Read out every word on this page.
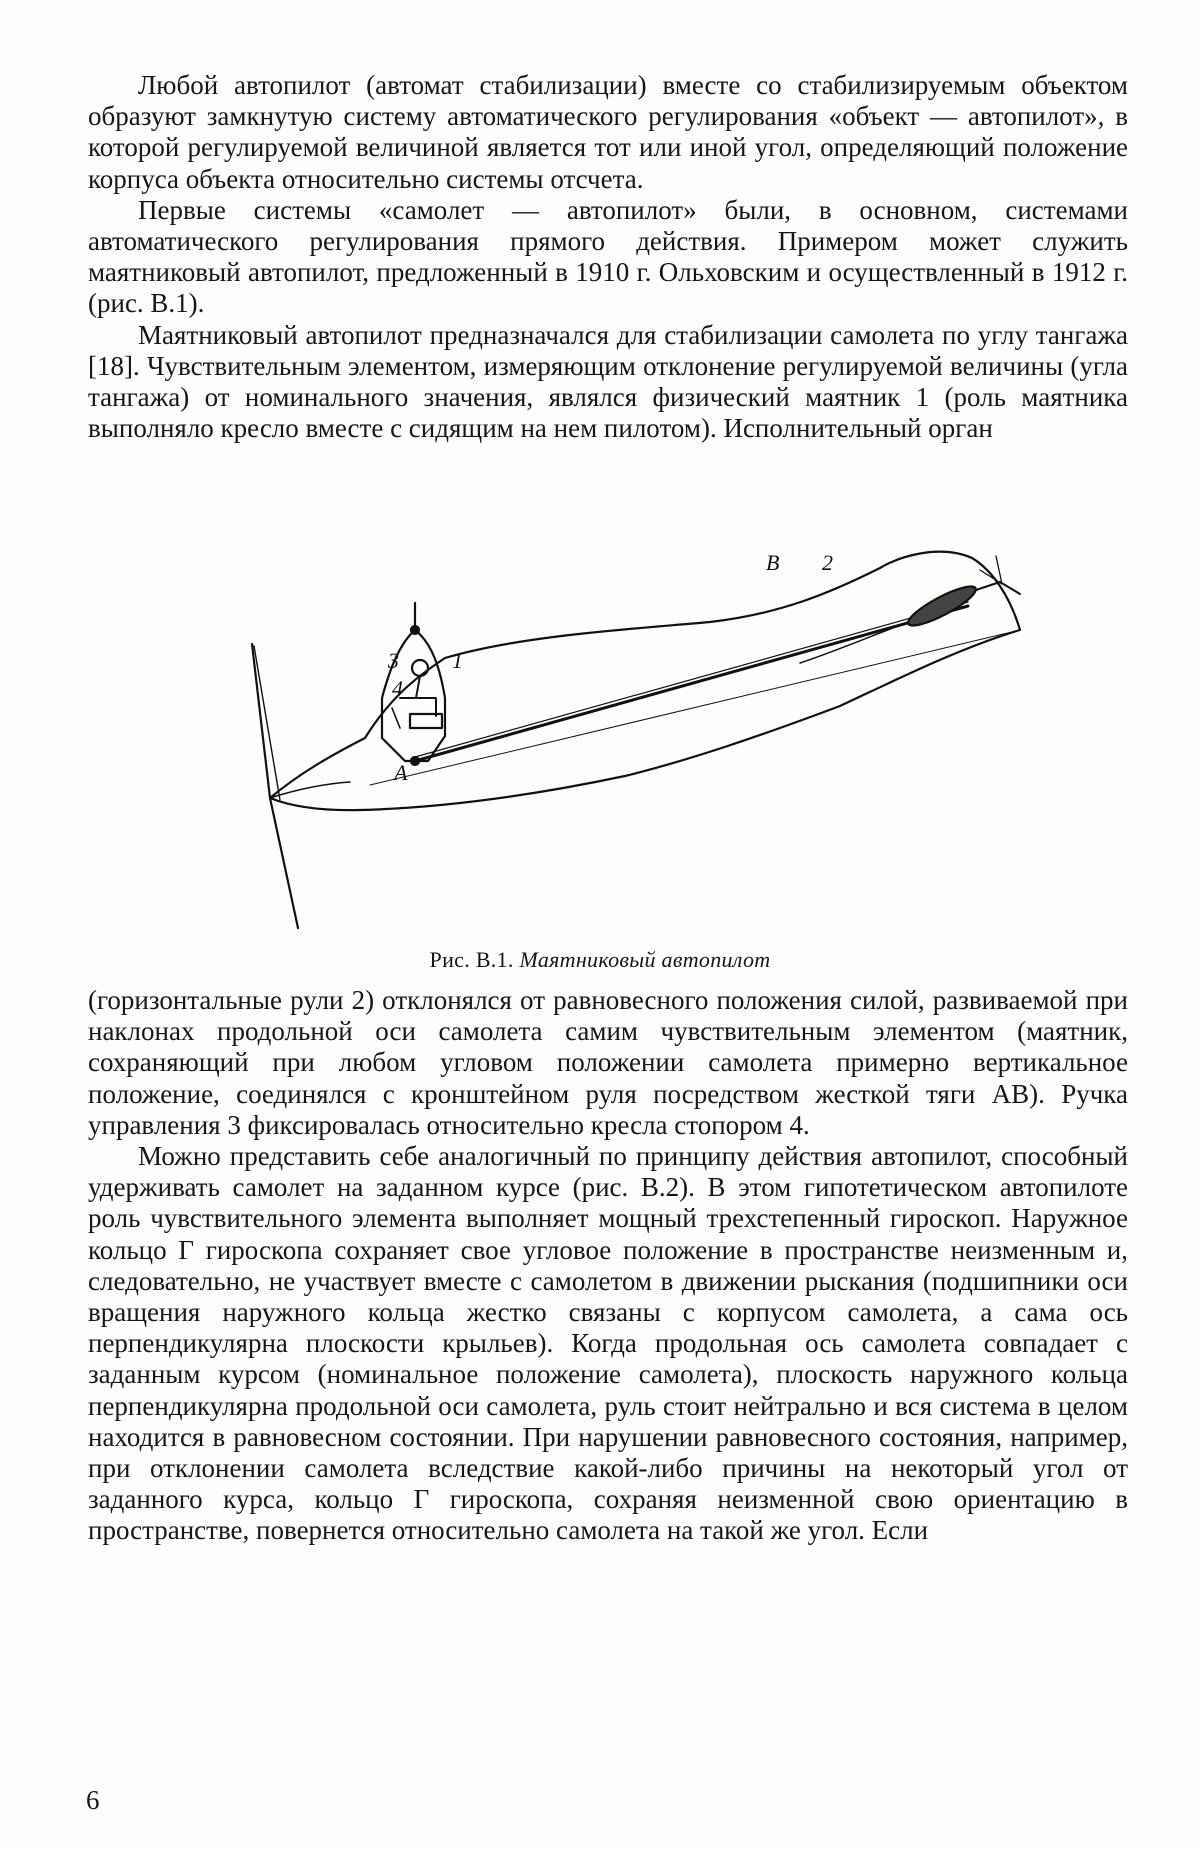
Любой автопилот (автомат стабилизации) вместе со стабилизируемым объектом образуют замкнутую систему автоматического регулирования «объект — автопилот», в которой регулируемой величиной является тот или иной угол, определяющий положение корпуса объекта относительно системы отсчета.

Первые системы «самолет — автопилот» были, в основном, системами автоматического регулирования прямого действия. Примером может служить маятниковый автопилот, предложенный в 1910 г. Ольховским и осуществленный в 1912 г. (рис. В.1).

Маятниковый автопилот предназначался для стабилизации самолета по углу тангажа [18]. Чувствительным элементом, измеряющим отклонение регулируемой величины (угла тангажа) от номинального значения, являлся физический маятник 1 (роль маятника выполняло кресло вместе с сидящим на нем пилотом). Исполнительный орган

3
4
1
A
B 2
Рис. В.1. Маятниковый автопилот

(горизонтальные рули 2) отклонялся от равновесного положения силой, развиваемой при наклонах продольной оси самолета самим чувствительным элементом (маятник, сохраняющий при любом угловом положении самолета примерно вертикальное положение, соединялся с кронштейном руля посредством жесткой тяги AB). Ручка управления 3 фиксировалась относительно кресла стопором 4.

Можно представить себе аналогичный по принципу действия автопилот, способный удерживать самолет на заданном курсе (рис. В.2). В этом гипотетическом автопилоте роль чувствительного элемента выполняет мощный трехстепенный гироскоп. Наружное кольцо Г гироскопа сохраняет свое угловое положение в пространстве неизменным и, следовательно, не участвует вместе с самолетом в движении рыскания (подшипники оси вращения наружного кольца жестко связаны с корпусом самолета, а сама ось перпендикулярна плоскости крыльев). Когда продольная ось самолета совпадает с заданным курсом (номинальное положение самолета), плоскость наружного кольца перпендикулярна продольной оси самолета, руль стоит нейтрально и вся система в целом находится в равновесном состоянии. При нарушении равновесного состояния, например, при отклонении самолета вследствие какой-либо причины на некоторый угол от заданного курса, кольцо Г гироскопа, сохраняя неизменной свою ориентацию в пространстве, повернется относительно самолета на такой же угол. Если

6
